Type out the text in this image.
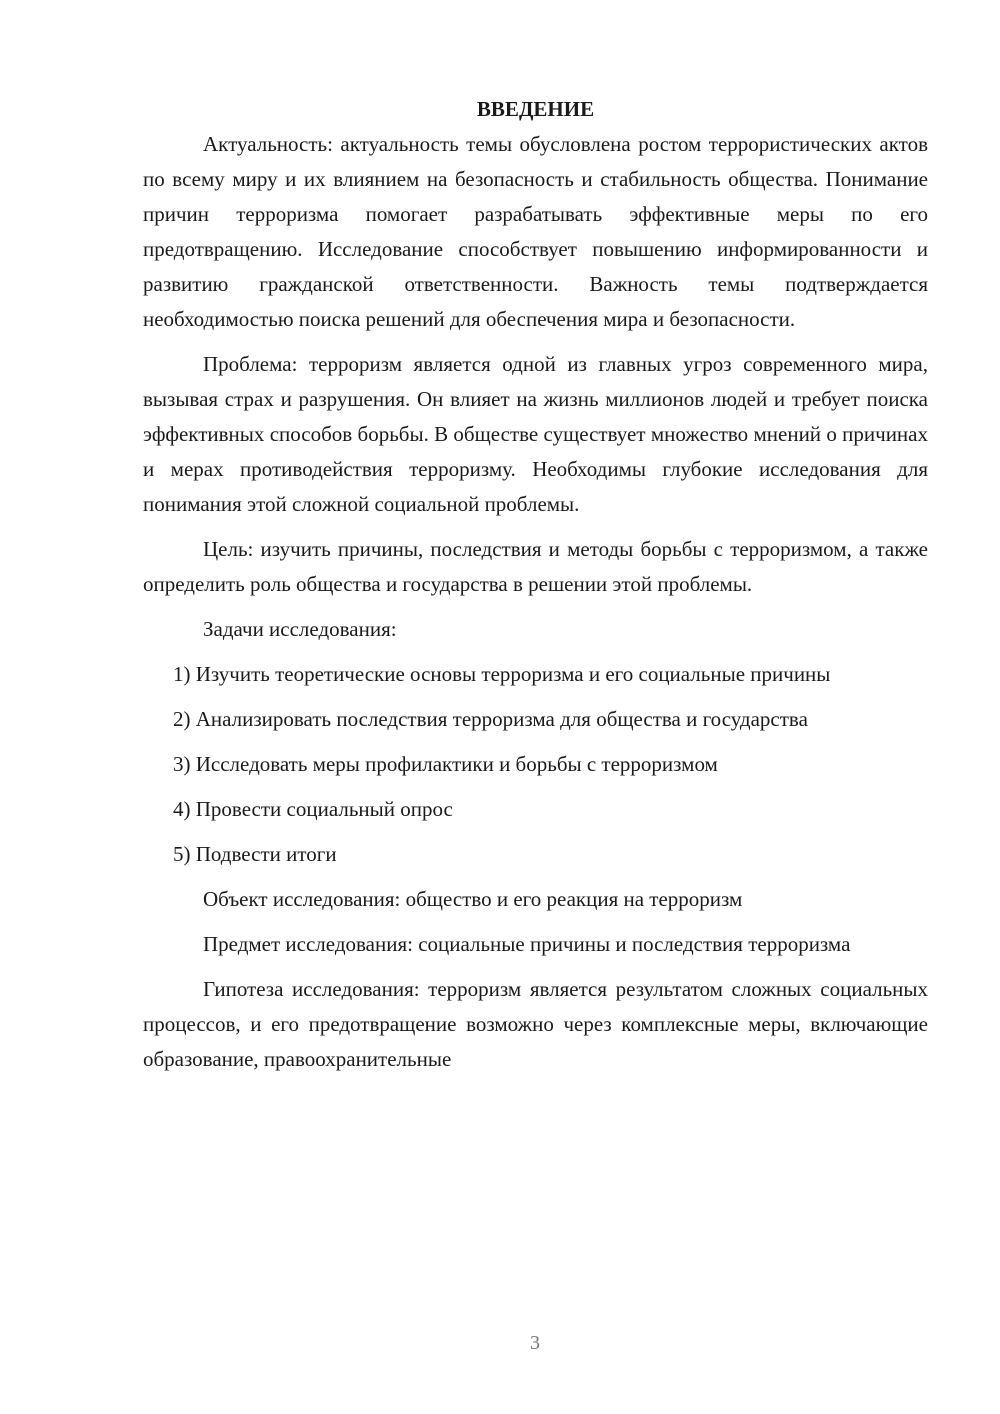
ВВЕДЕНИЕ

Актуальность: актуальность темы обусловлена ростом террористических актов по всему миру и их влиянием на безопасность и стабильность общества. Понимание причин терроризма помогает разрабатывать эффективные меры по его предотвращению. Исследование способствует повышению информированности и развитию гражданской ответственности. Важность темы подтверждается необходимостью поиска решений для обеспечения мира и безопасности.

Проблема: терроризм является одной из главных угроз современного мира, вызывая страх и разрушения. Он влияет на жизнь миллионов людей и требует поиска эффективных способов борьбы. В обществе существует множество мнений о причинах и мерах противодействия терроризму. Необходимы глубокие исследования для понимания этой сложной социальной проблемы.

Цель: изучить причины, последствия и методы борьбы с терроризмом, а также определить роль общества и государства в решении этой проблемы.

Задачи исследования:

1) Изучить теоретические основы терроризма и его социальные причины

2) Анализировать последствия терроризма для общества и государства

3) Исследовать меры профилактики и борьбы с терроризмом

4) Провести социальный опрос

5) Подвести итоги

Объект исследования: общество и его реакция на терроризм

Предмет исследования: социальные причины и последствия терроризма

Гипотеза исследования: терроризм является результатом сложных социальных процессов, и его предотвращение возможно через комплексные меры, включающие образование, правоохранительные

3
